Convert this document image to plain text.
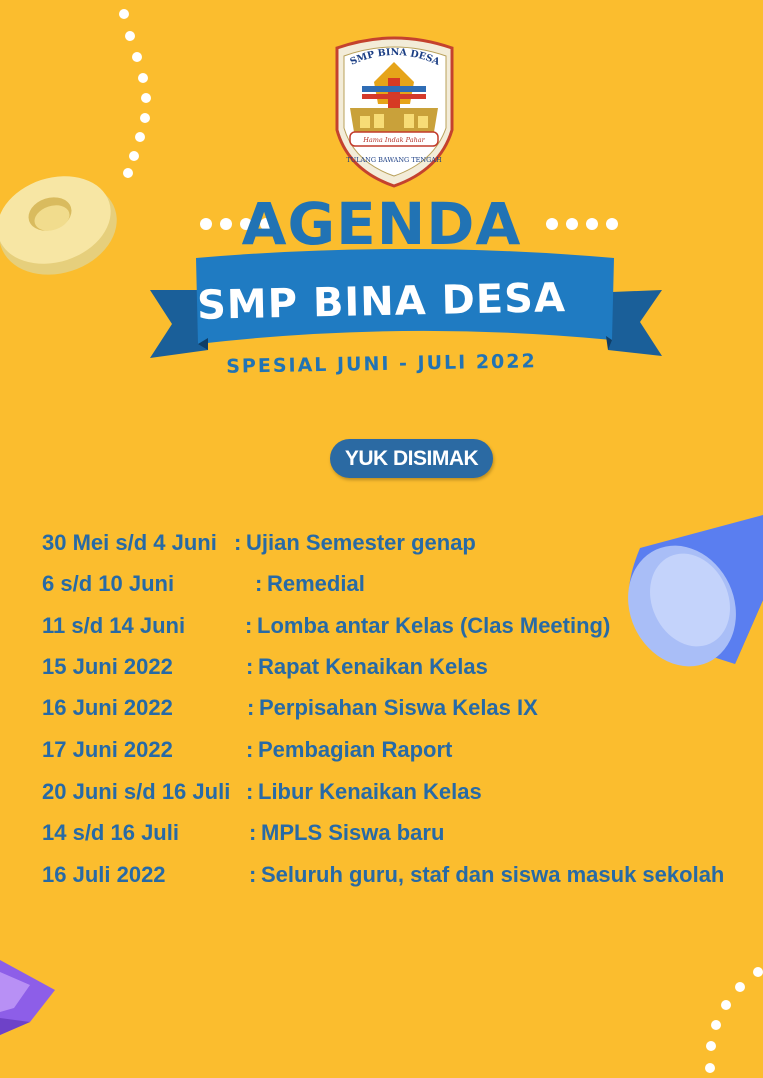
SMP BINA DESA
Hama Indak Pahar
TULANG BAWANG TENGAH
AGENDA
SMP BINA DESA
SPESIAL JUNI - JULI 2022
YUK DISIMAK
30 Mei s/d 4 Juni : Ujian Semester genap
6 s/d 10 Juni	: Remedial
11 s/d 14 Juni	: Lomba antar Kelas (Clas Meeting)
15 Juni 2022	: Rapat Kenaikan Kelas
16 Juni 2022	: Perpisahan Siswa Kelas IX
17 Juni 2022	: Pembagian Raport
20 Juni s/d 16 Juli : Libur Kenaikan Kelas
14 s/d 16 Juli	: MPLS Siswa baru
16 Juli 2022	: Seluruh guru, staf dan siswa masuk sekolah
